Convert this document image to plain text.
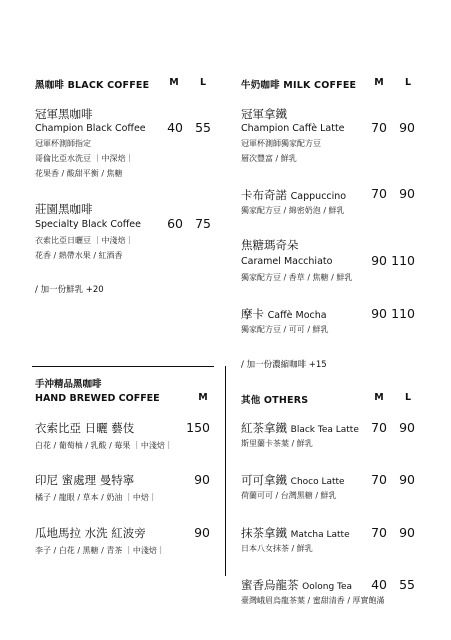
黑咖啡 BLACK COFFEE	M	L
冠軍黑咖啡
Champion Black Coffee	40 55
冠軍杯測師指定
哥倫比亞水洗豆 ｜中深焙｜
花果香 / 酸甜平衡 / 焦糖
莊園黑咖啡
Specialty Black Coffee	60 75
衣索比亞日曬豆 ｜中淺焙｜
花香 / 熱帶水果 / 紅酒香
/ 加一份鮮乳 +20
手沖精品黑咖啡
HAND BREWED COFFEE	M
衣索比亞 日曬 藝伎	150
白花 / 葡萄柚 / 乳酸 / 莓果 ｜中淺焙｜
印尼 蜜處理 曼特寧	90
橘子 / 龍眼 / 草本 / 奶油 ｜中焙｜
瓜地馬拉 水洗 紅波旁	90
李子 / 白花 / 黑糖 / 青茶 ｜中淺焙｜
牛奶咖啡 MILK COFFEE	M	L
冠軍拿鐵
Champion Caffè Latte	70 90
冠軍杯測師獨家配方豆
層次豐富 / 鮮乳
卡布奇諾 Cappuccino	70 90
獨家配方豆 / 綿密奶泡 / 鮮乳
焦糖瑪奇朵
Caramel Macchiato	90 110
獨家配方豆 / 香草 / 焦糖 / 鮮乳
摩卡 Caffè Mocha	90 110
獨家配方豆 / 可可 / 鮮乳
/ 加一份濃縮咖啡 +15
其他 OTHERS	M	L
紅茶拿鐵 Black Tea Latte 70 90
斯里蘭卡茶葉 / 鮮乳
可可拿鐵 Choco Latte	70 90
荷蘭可可 / 台灣黑糖 / 鮮乳
抹茶拿鐵 Matcha Latte	70 90
日本八女抹茶 / 鮮乳
蜜香烏龍茶 Oolong Tea	40 55
臺灣峨眉烏龍茶葉 / 蜜甜清香 / 厚實飽滿
